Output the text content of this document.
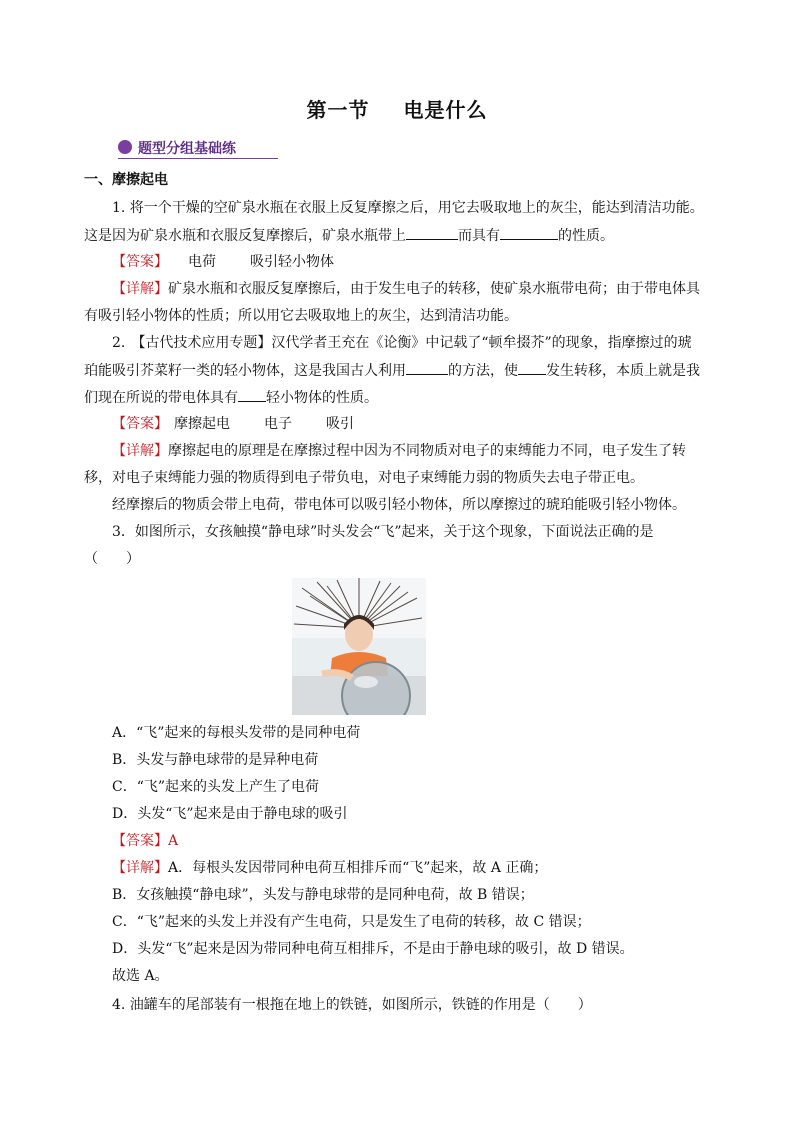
第一节 电是什么
题型分组基础练
一、摩擦起电
1. 将一个干燥的空矿泉水瓶在衣服上反复摩擦之后，用它去吸取地上的灰尘，能达到清洁功能。
这是因为矿泉水瓶和衣服反复摩擦后，矿泉水瓶带上	而具有	的性质。
【答案】 电荷 吸引轻小物体
【详解】矿泉水瓶和衣服反复摩擦后，由于发生电子的转移，使矿泉水瓶带电荷；由于带电体具
有吸引轻小物体的性质；所以用它去吸取地上的灰尘，达到清洁功能。
2. 【古代技术应用专题】汉代学者王充在《论衡》中记载了“顿牟掇芥”的现象，指摩擦过的琥
珀能吸引芥菜籽一类的轻小物体，这是我国古人利用	的方法，使 发生转移，本质上就是我
们现在所说的带电体具有 轻小物体的性质。
【答案】 摩擦起电 电子 吸引
【详解】摩擦起电的原理是在摩擦过程中因为不同物质对电子的束缚能力不同，电子发生了转
移，对电子束缚能力强的物质得到电子带负电，对电子束缚能力弱的物质失去电子带正电。
经摩擦后的物质会带上电荷，带电体可以吸引轻小物体，所以摩擦过的琥珀能吸引轻小物体。
3．如图所示，女孩触摸“静电球”时头发会“飞”起来，关于这个现象，下面说法正确的是
（　　）
A．“飞”起来的每根头发带的是同种电荷
B．头发与静电球带的是异种电荷
C．“飞”起来的头发上产生了电荷
D．头发“飞”起来是由于静电球的吸引
【答案】A
【详解】A．每根头发因带同种电荷互相排斥而“飞”起来，故 A 正确；
B．女孩触摸“静电球”，头发与静电球带的是同种电荷，故 B 错误；
C．“飞”起来的头发上并没有产生电荷，只是发生了电荷的转移，故 C 错误；
D．头发“飞”起来是因为带同种电荷互相排斥，不是由于静电球的吸引，故 D 错误。
故选 A。
4. 油罐车的尾部装有一根拖在地上的铁链，如图所示，铁链的作用是（　　）
